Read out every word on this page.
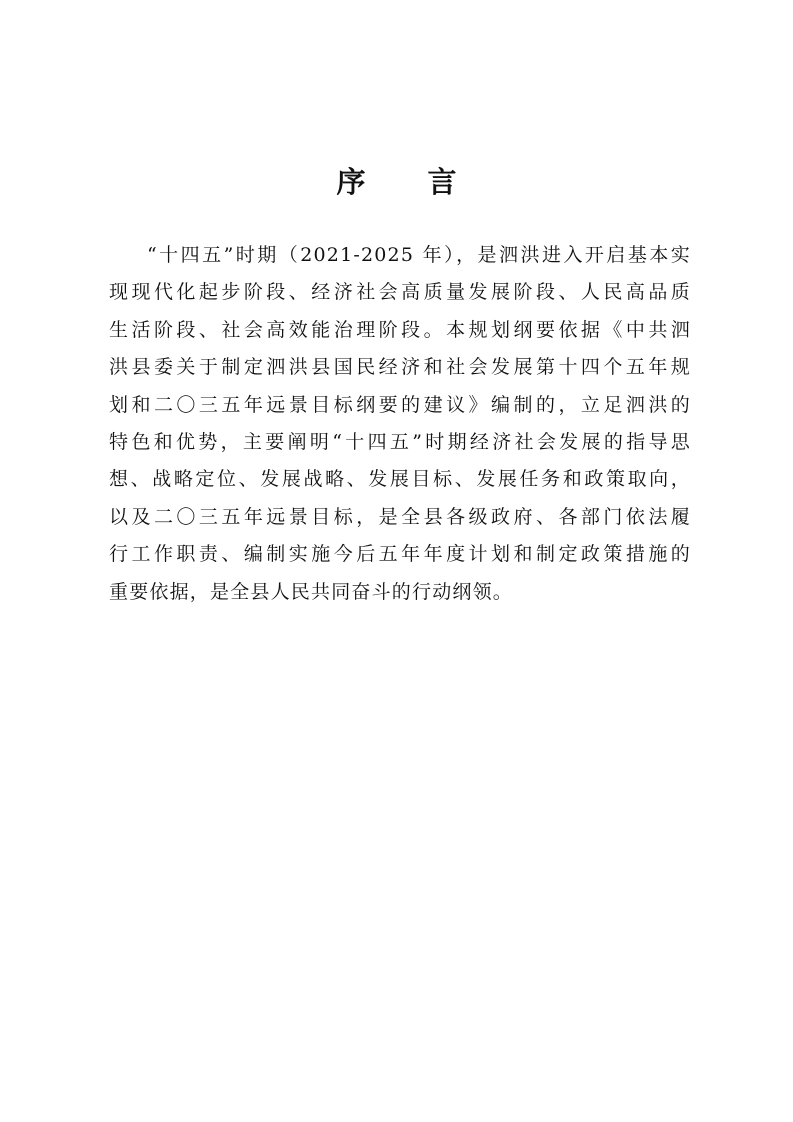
序 言
“十四五”时期（2021-2025 年），是泗洪进入开启基本实
现现代化起步阶段、经济社会高质量发展阶段、人民高品质
生活阶段、社会高效能治理阶段。本规划纲要依据《中共泗
洪县委关于制定泗洪县国民经济和社会发展第十四个五年规
划和二〇三五年远景目标纲要的建议》编制的，立足泗洪的
特色和优势，主要阐明“十四五”时期经济社会发展的指导思
想、战略定位、发展战略、发展目标、发展任务和政策取向，
以及二〇三五年远景目标，是全县各级政府、各部门依法履
行工作职责、编制实施今后五年年度计划和制定政策措施的
重要依据，是全县人民共同奋斗的行动纲领。
